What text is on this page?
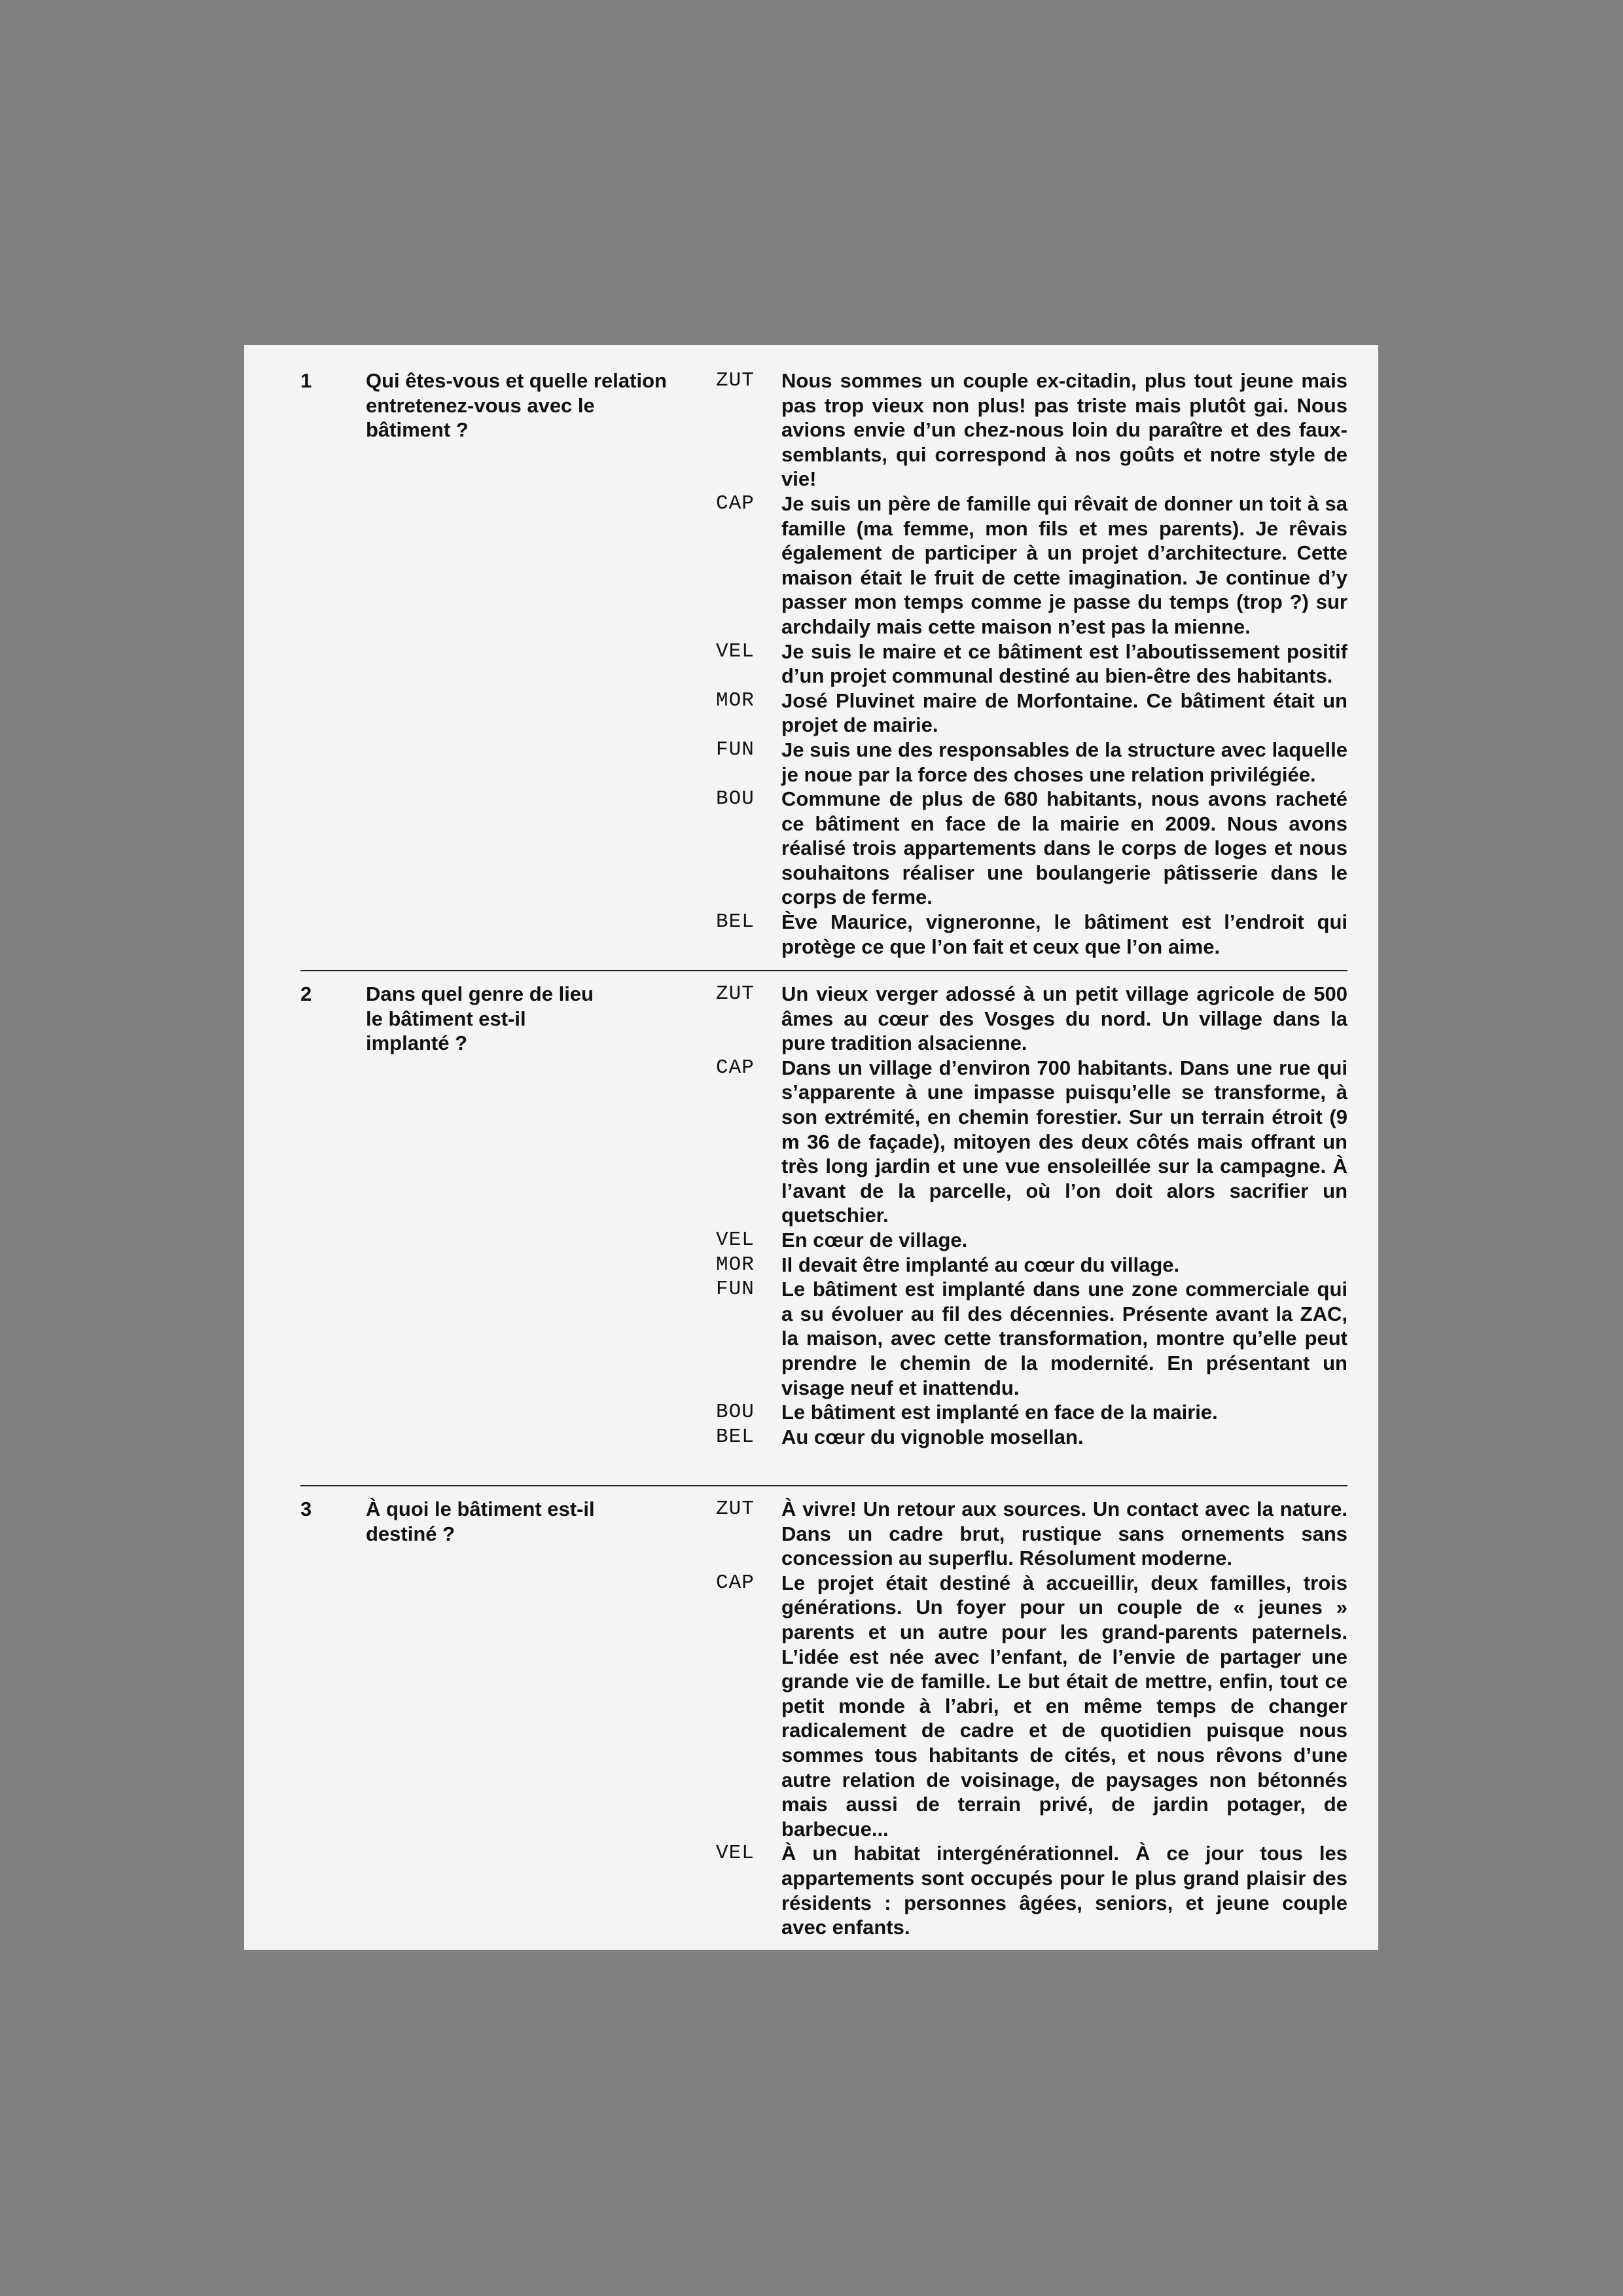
1	Qui êtes-vous et quelle relation entretenez-vous avec le bâtiment ?
ZUT Nous sommes un couple ex-citadin, plus tout jeune mais pas trop vieux non plus! pas triste mais plutôt gai. Nous avions envie d’un chez-nous loin du paraître et des faux-semblants, qui correspond à nos goûts et notre style de vie!
CAP Je suis un père de famille qui rêvait de donner un toit à sa famille (ma femme, mon fils et mes parents). Je rêvais également de participer à un projet d’architecture. Cette maison était le fruit de cette imagination. Je continue d’y passer mon temps comme je passe du temps (trop ?) sur archdaily mais cette maison n’est pas la mienne.
VEL Je suis le maire et ce bâtiment est l’aboutissement positif d’un projet communal destiné au bien-être des habitants.
MOR José Pluvinet maire de Morfontaine. Ce bâtiment était un projet de mairie.
FUN Je suis une des responsables de la structure avec laquelle je noue par la force des choses une relation privilégiée.
BOU Commune de plus de 680 habitants, nous avons racheté ce bâtiment en face de la mairie en 2009. Nous avons réalisé trois appartements dans le corps de loges et nous souhaitons réaliser une boulangerie pâtisserie dans le corps de ferme.
BEL Ève Maurice, vigneronne, le bâtiment est l’endroit qui protège ce que l’on fait et ceux que l’on aime.
2	Dans quel genre de lieu le bâtiment est-il implanté ?
ZUT Un vieux verger adossé à un petit village agricole de 500 âmes au cœur des Vosges du nord. Un village dans la pure tradition alsacienne.
CAP Dans un village d’environ 700 habitants. Dans une rue qui s’apparente à une impasse puisqu’elle se transforme, à son extrémité, en chemin forestier. Sur un terrain étroit (9 m 36 de façade), mitoyen des deux côtés mais offrant un très long jardin et une vue ensoleillée sur la campagne. À l’avant de la parcelle, où l’on doit alors sacrifier un quetschier.
VEL En cœur de village.
MOR Il devait être implanté au cœur du village.
FUN Le bâtiment est implanté dans une zone commerciale qui a su évoluer au fil des décennies. Présente avant la ZAC, la maison, avec cette transformation, montre qu’elle peut prendre le chemin de la modernité. En présentant un visage neuf et inattendu.
BOU Le bâtiment est implanté en face de la mairie.
BEL Au cœur du vignoble mosellan.
3	À quoi le bâtiment est-il destiné ?
ZUT À vivre! Un retour aux sources. Un contact avec la nature. Dans un cadre brut, rustique sans ornements sans concession au superflu. Résolument moderne.
CAP Le projet était destiné à accueillir, deux familles, trois générations. Un foyer pour un couple de « jeunes » parents et un autre pour les grand-parents paternels. L’idée est née avec l’enfant, de l’envie de partager une grande vie de famille. Le but était de mettre, enfin, tout ce petit monde à l’abri, et en même temps de changer radicalement de cadre et de quotidien puisque nous sommes tous habitants de cités, et nous rêvons d’une autre relation de voisinage, de paysages non bétonnés mais aussi de terrain privé, de jardin potager, de barbecue...
VEL À un habitat intergénérationnel. À ce jour tous les appartements sont occupés pour le plus grand plaisir des résidents : personnes âgées, seniors, et jeune couple avec enfants.
